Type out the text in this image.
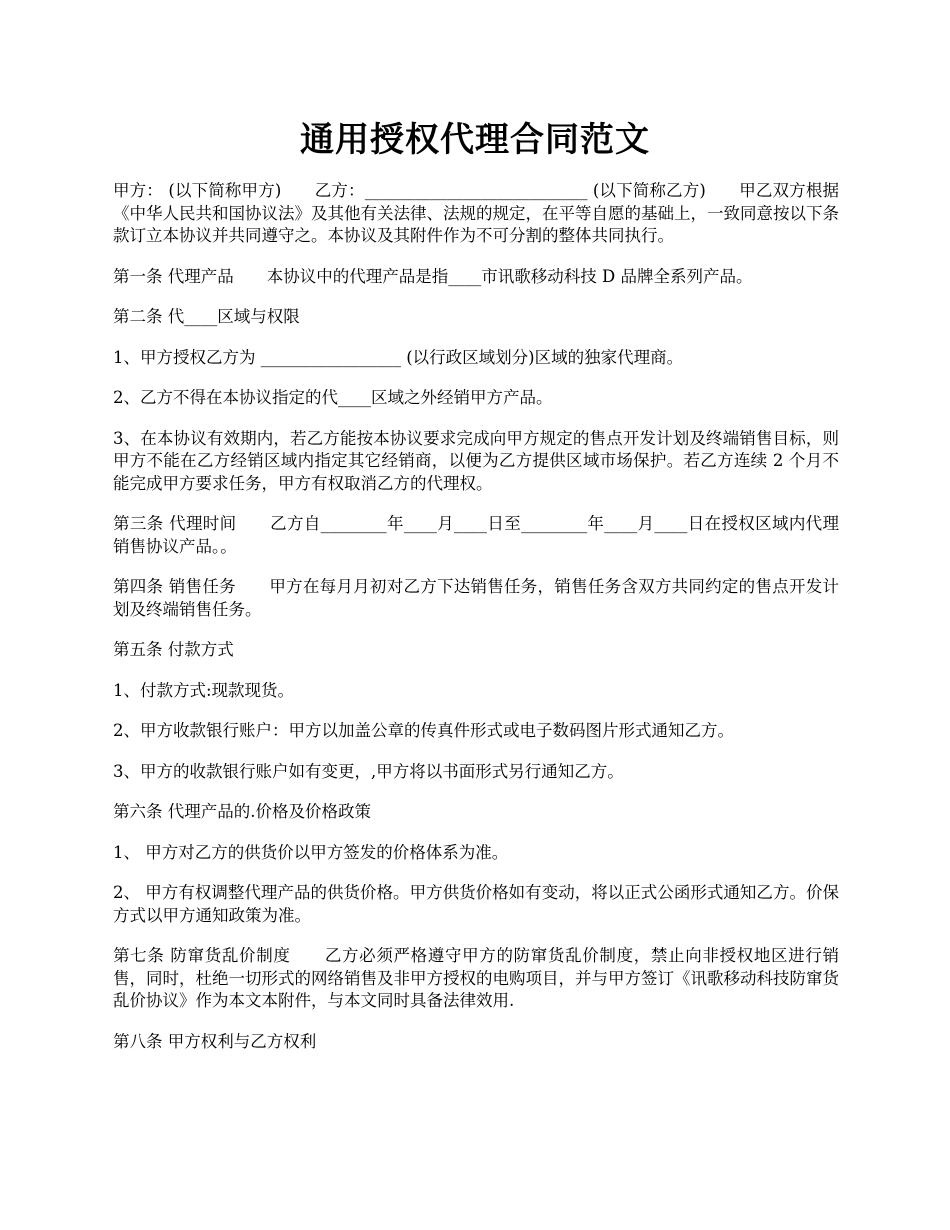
通用授权代理合同范文

甲方： (以下简称甲方)　　乙方：___________________________ (以下简称乙方)　　甲乙双方根据《中华人民共和国协议法》及其他有关法律、法规的规定，在平等自愿的基础上，一致同意按以下条款订立本协议并共同遵守之。本协议及其附件作为不可分割的整体共同执行。

第一条 代理产品　　本协议中的代理产品是指____市讯歌移动科技 D 品牌全系列产品。

第二条 代____区域与权限

1、甲方授权乙方为 _________________ (以行政区域划分)区域的独家代理商。

2、乙方不得在本协议指定的代____区域之外经销甲方产品。

3、在本协议有效期内，若乙方能按本协议要求完成向甲方规定的售点开发计划及终端销售目标，则甲方不能在乙方经销区域内指定其它经销商，以便为乙方提供区域市场保护。若乙方连续 2 个月不能完成甲方要求任务，甲方有权取消乙方的代理权。

第三条 代理时间　　乙方自________年____月____日至________年____月____日在授权区域内代理销售协议产品。。

第四条 销售任务　　甲方在每月月初对乙方下达销售任务，销售任务含双方共同约定的售点开发计划及终端销售任务。

第五条 付款方式

1、付款方式:现款现货。

2、甲方收款银行账户：甲方以加盖公章的传真件形式或电子数码图片形式通知乙方。

3、甲方的收款银行账户如有变更，,甲方将以书面形式另行通知乙方。

第六条 代理产品的.价格及价格政策

1、 甲方对乙方的供货价以甲方签发的价格体系为准。

2、 甲方有权调整代理产品的供货价格。甲方供货价格如有变动，将以正式公函形式通知乙方。价保方式以甲方通知政策为准。

第七条 防窜货乱价制度　　乙方必须严格遵守甲方的防窜货乱价制度，禁止向非授权地区进行销售，同时，杜绝一切形式的网络销售及非甲方授权的电购项目，并与甲方签订《讯歌移动科技防窜货乱价协议》作为本文本附件，与本文同时具备法律效用.

第八条 甲方权利与乙方权利
